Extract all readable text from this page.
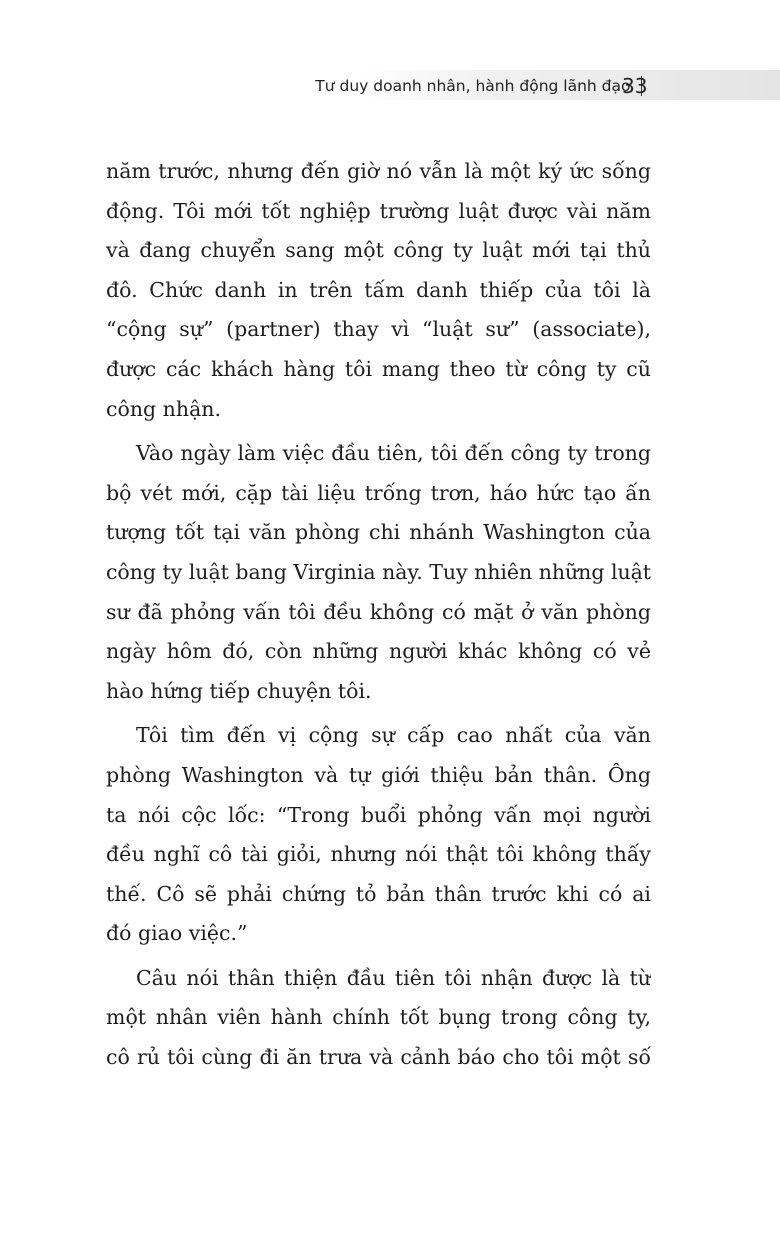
Tư duy doanh nhân, hành động lãnh đạo
33

năm trước, nhưng đến giờ nó vẫn là một ký ức sống
động. Tôi mới tốt nghiệp trường luật được vài năm
và đang chuyển sang một công ty luật mới tại thủ
đô. Chức danh in trên tấm danh thiếp của tôi là
“cộng sự” (partner) thay vì “luật sư” (associate),
được các khách hàng tôi mang theo từ công ty cũ
công nhận.

Vào ngày làm việc đầu tiên, tôi đến công ty trong
bộ vét mới, cặp tài liệu trống trơn, háo hức tạo ấn
tượng tốt tại văn phòng chi nhánh Washington của
công ty luật bang Virginia này. Tuy nhiên những luật
sư đã phỏng vấn tôi đều không có mặt ở văn phòng
ngày hôm đó, còn những người khác không có vẻ
hào hứng tiếp chuyện tôi.

Tôi tìm đến vị cộng sự cấp cao nhất của văn
phòng Washington và tự giới thiệu bản thân. Ông
ta nói cộc lốc: “Trong buổi phỏng vấn mọi người
đều nghĩ cô tài giỏi, nhưng nói thật tôi không thấy
thế. Cô sẽ phải chứng tỏ bản thân trước khi có ai
đó giao việc.”

Câu nói thân thiện đầu tiên tôi nhận được là từ
một nhân viên hành chính tốt bụng trong công ty,
cô rủ tôi cùng đi ăn trưa và cảnh báo cho tôi một số
